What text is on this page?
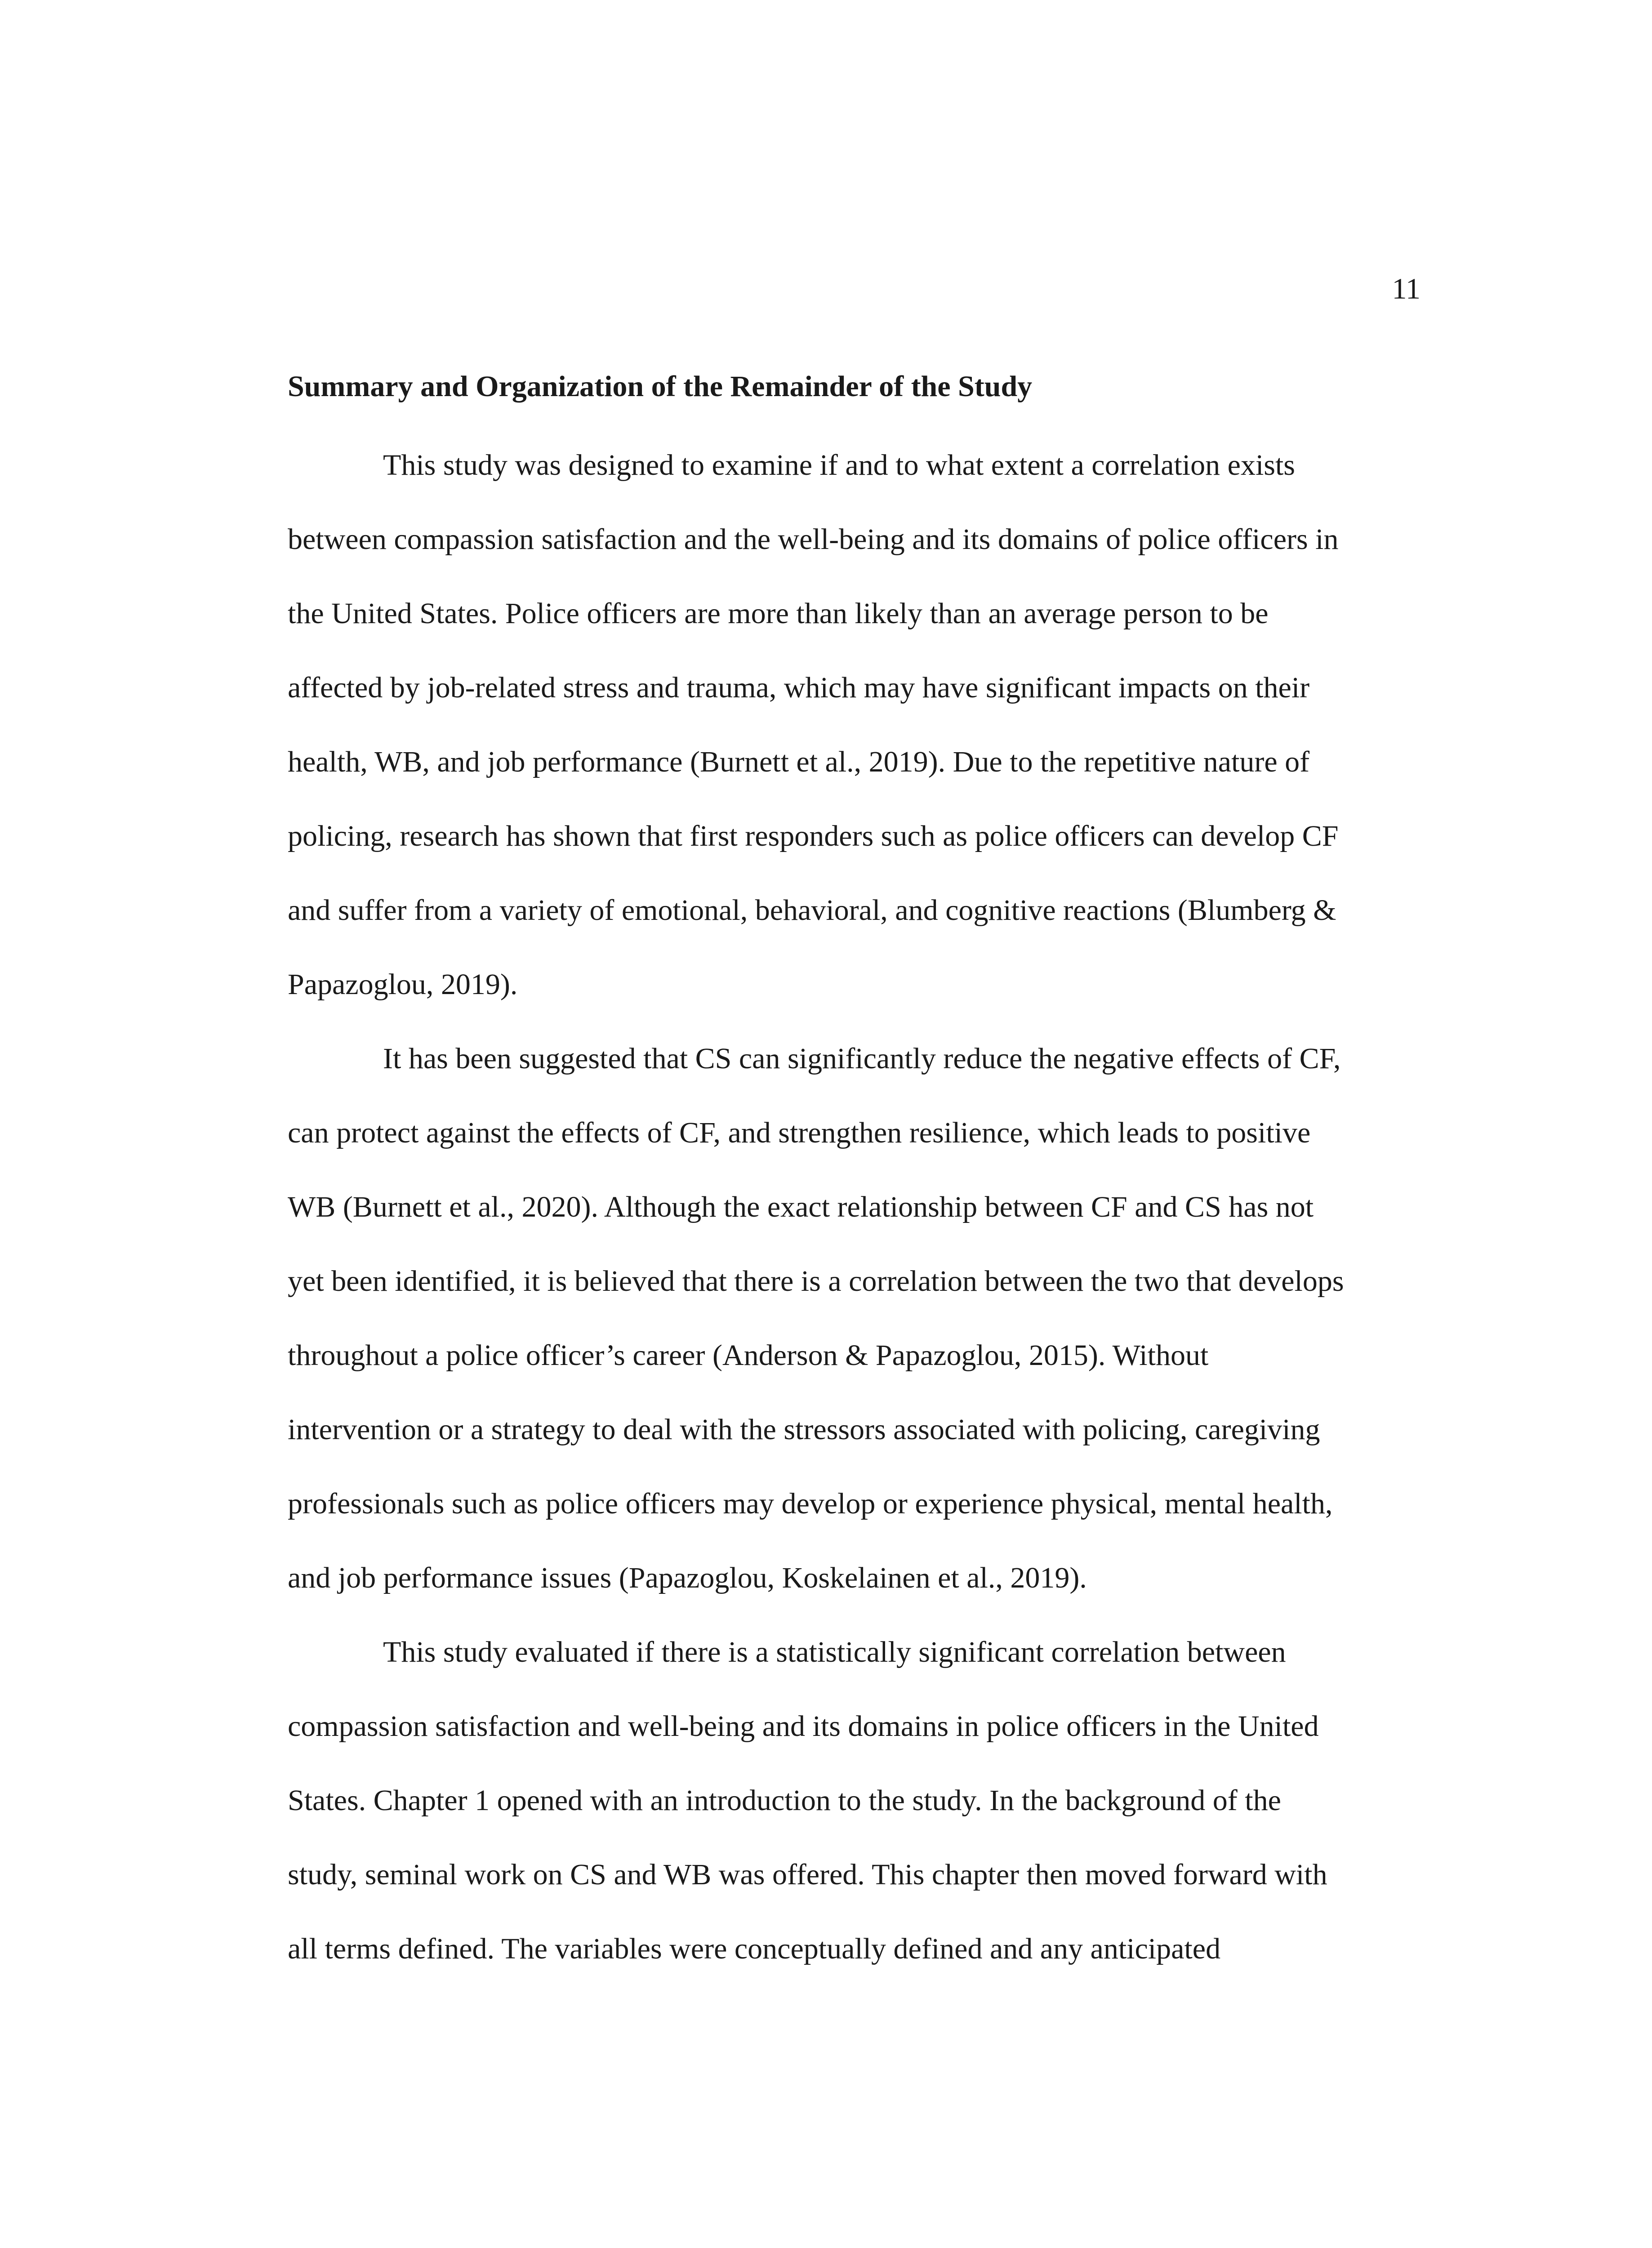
11
Summary and Organization of the Remainder of the Study
This study was designed to examine if and to what extent a correlation exists
between compassion satisfaction and the well-being and its domains of police officers in
the United States. Police officers are more than likely than an average person to be
affected by job-related stress and trauma, which may have significant impacts on their
health, WB, and job performance (Burnett et al., 2019). Due to the repetitive nature of
policing, research has shown that first responders such as police officers can develop CF
and suffer from a variety of emotional, behavioral, and cognitive reactions (Blumberg &
Papazoglou, 2019).
It has been suggested that CS can significantly reduce the negative effects of CF,
can protect against the effects of CF, and strengthen resilience, which leads to positive
WB (Burnett et al., 2020). Although the exact relationship between CF and CS has not
yet been identified, it is believed that there is a correlation between the two that develops
throughout a police officer’s career (Anderson & Papazoglou, 2015). Without
intervention or a strategy to deal with the stressors associated with policing, caregiving
professionals such as police officers may develop or experience physical, mental health,
and job performance issues (Papazoglou, Koskelainen et al., 2019).
This study evaluated if there is a statistically significant correlation between
compassion satisfaction and well-being and its domains in police officers in the United
States. Chapter 1 opened with an introduction to the study. In the background of the
study, seminal work on CS and WB was offered. This chapter then moved forward with
all terms defined. The variables were conceptually defined and any anticipated
